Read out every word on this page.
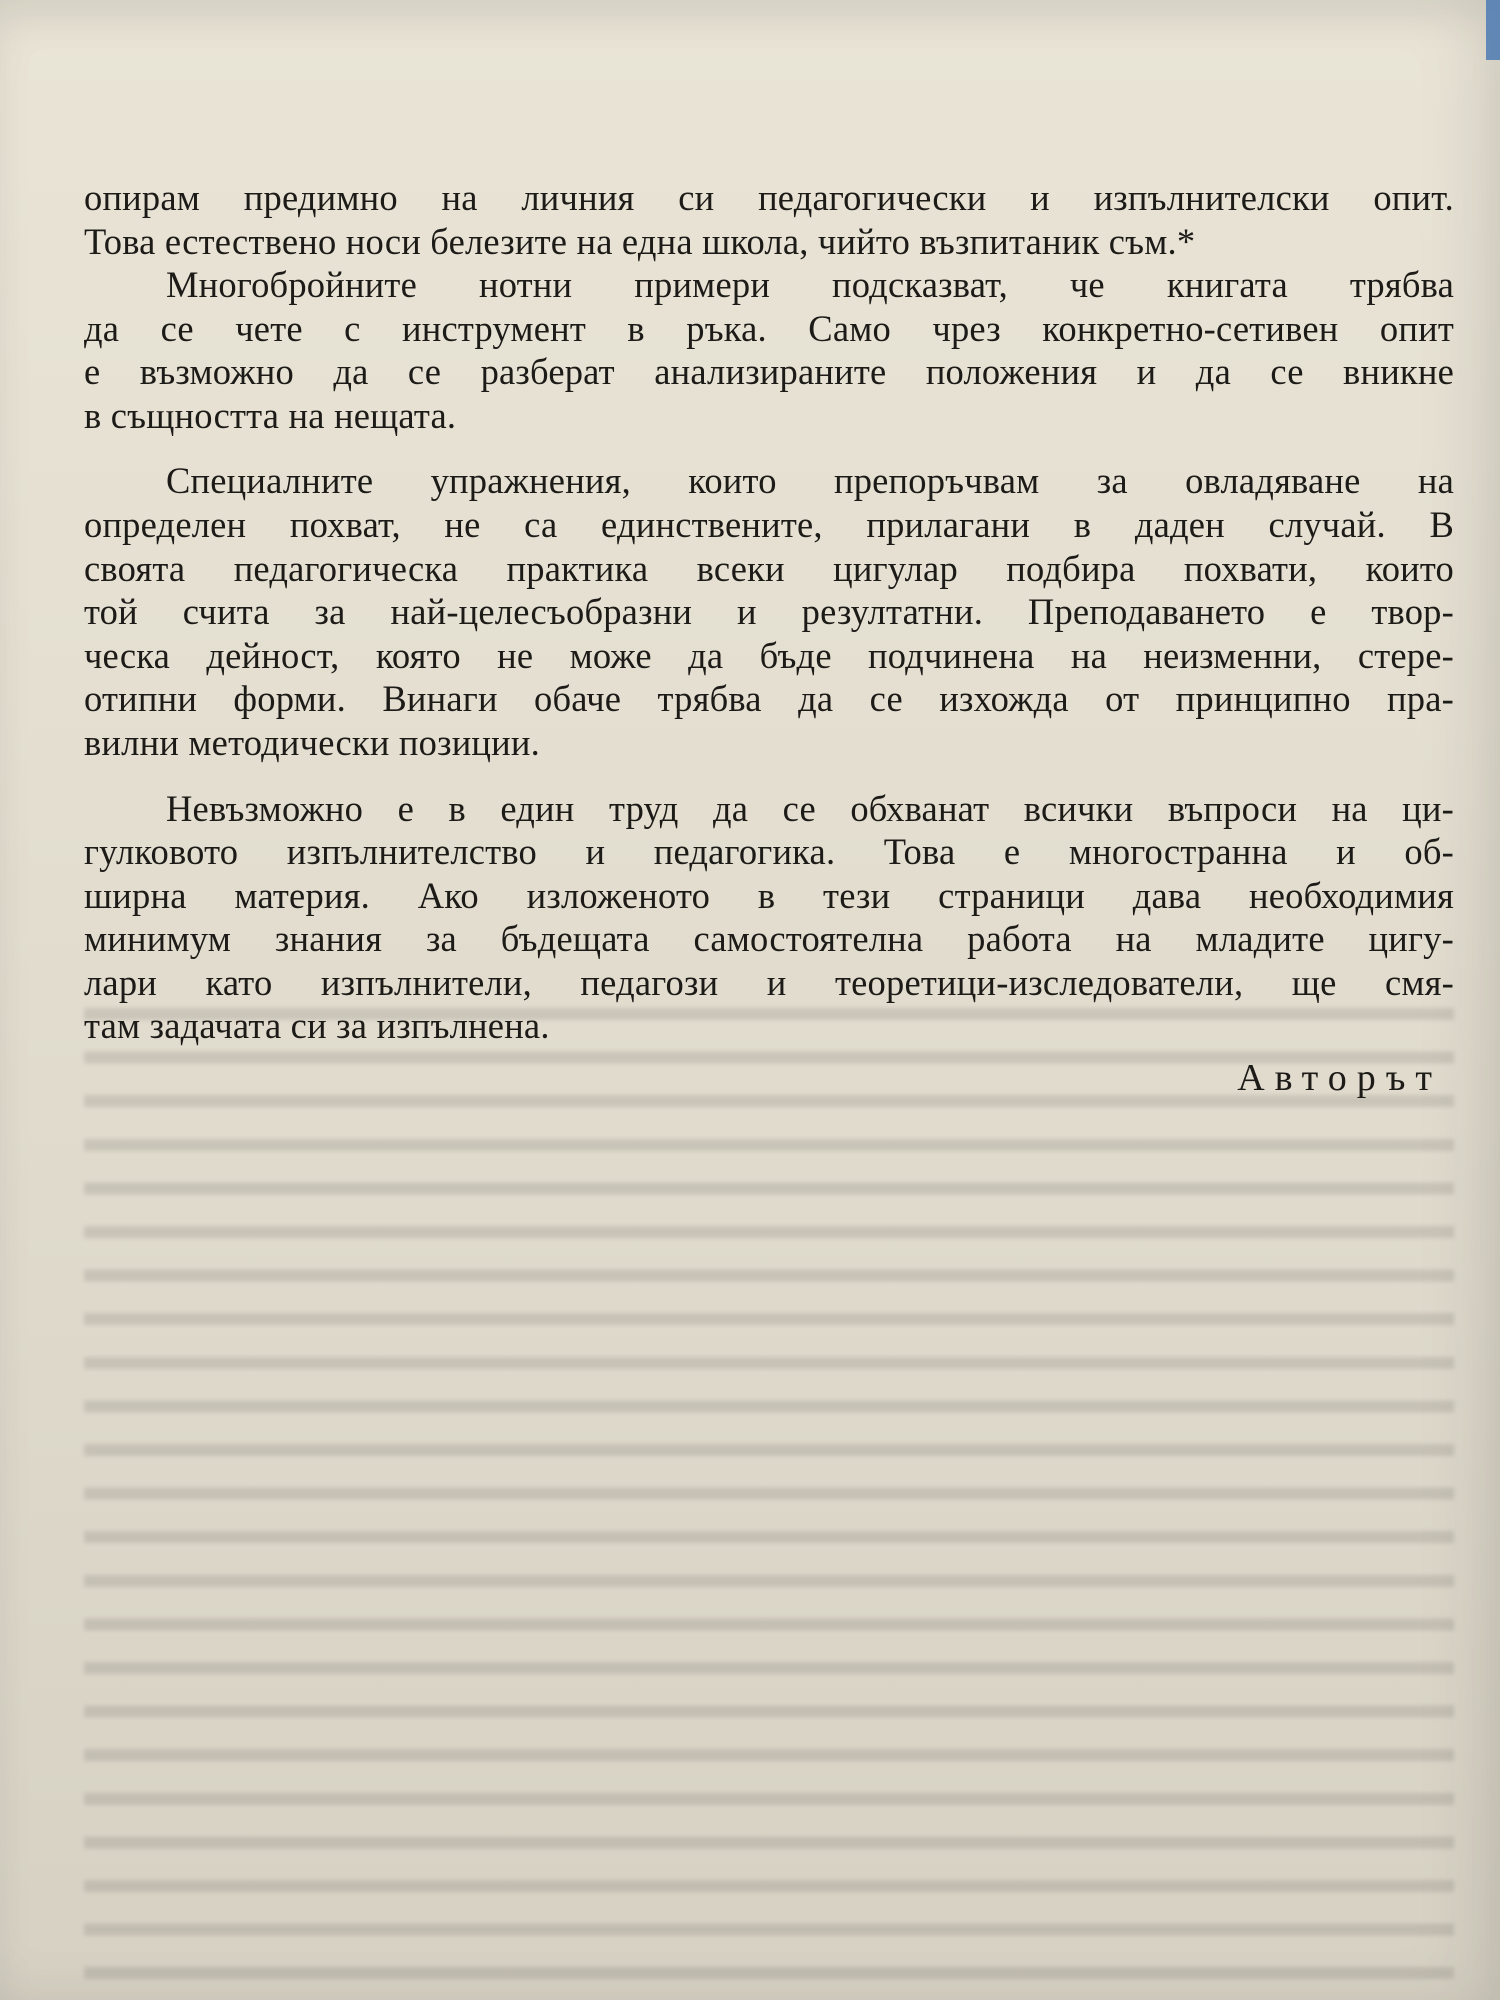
опирам предимно на личния си педагогически и изпълнителски опит.
Това естествено носи белезите на една школа, чийто възпитаник съм.*
Многобройните нотни примери подсказват, че книгата трябва
да се чете с инструмент в ръка. Само чрез конкретно-сетивен опит
е възможно да се разберат анализираните положения и да се вникне
в същността на нещата.
Специалните упражнения, които препоръчвам за овладяване на
определен похват, не са единствените, прилагани в даден случай. В
своята педагогическа практика всеки цигулар подбира похвати, които
той счита за най-целесъобразни и резултатни. Преподаването е твор-
ческа дейност, която не може да бъде подчинена на неизменни, стере-
отипни форми. Винаги обаче трябва да се изхожда от принципно пра-
вилни методически позиции.
Невъзможно е в един труд да се обхванат всички въпроси на ци-
гулковото изпълнителство и педагогика. Това е многостранна и об-
ширна материя. Ако изложеното в тези страници дава необходимия
минимум знания за бъдещата самостоятелна работа на младите цигу-
лари като изпълнители, педагози и теоретици-изследователи, ще смя-
там задачата си за изпълнена.
Авторът
